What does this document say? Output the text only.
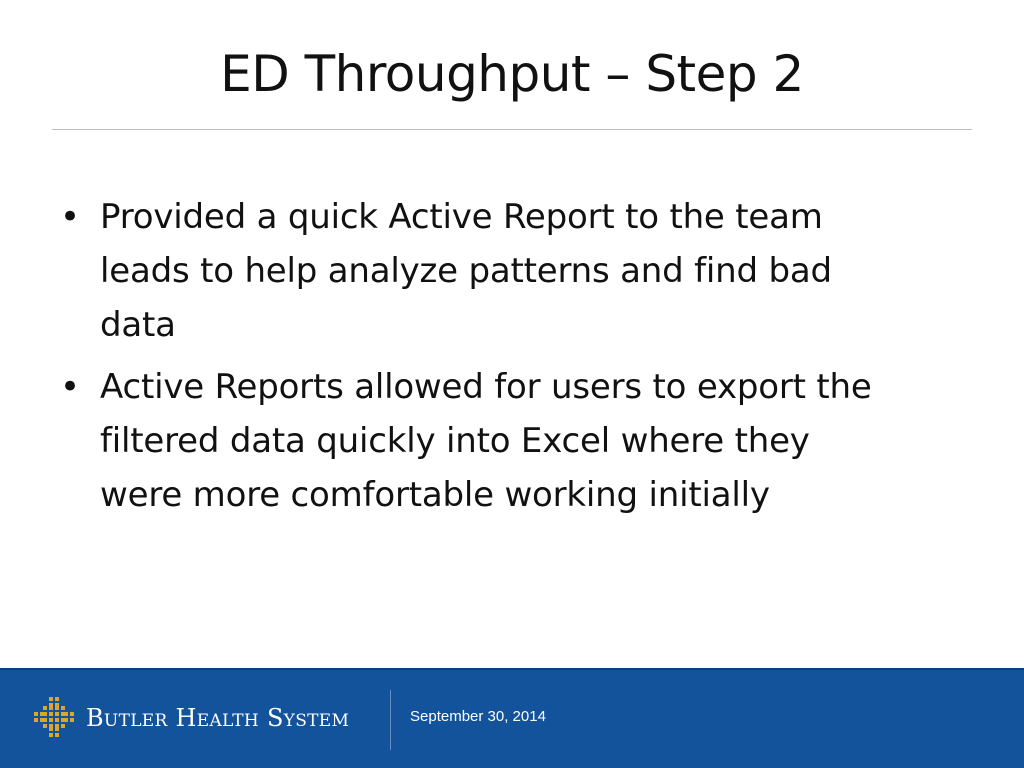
ED Throughput – Step 2
• Provided a quick Active Report to the team
leads to help analyze patterns and find bad
data
• Active Reports allowed for users to export the
filtered data quickly into Excel where they
were more comfortable working initially
Butler Health System	September 30, 2014
